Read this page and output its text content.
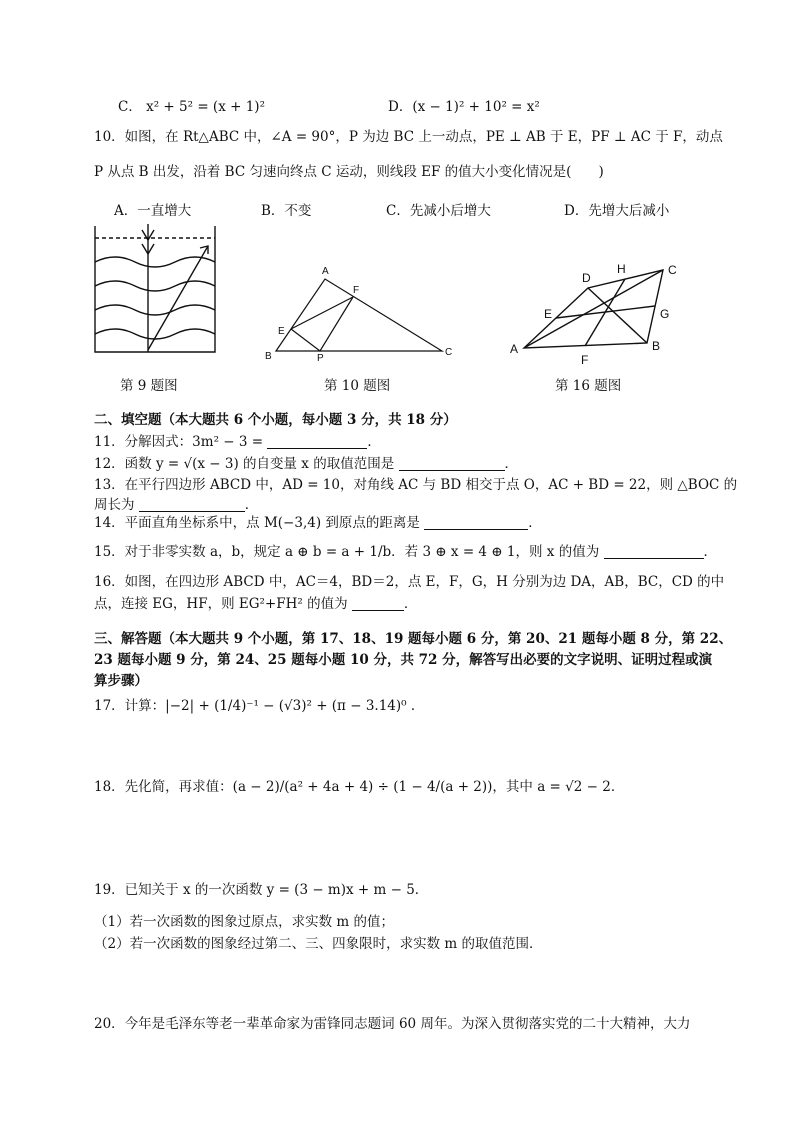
C． x² + 5² = (x + 1)²	D．(x − 1)² + 10² = x²
10．如图，在 Rt△ABC 中，∠A = 90°，P 为边 BC 上一动点，PE ⊥ AB 于 E，PF ⊥ AC 于 F，动点
P 从点 B 出发，沿着 BC 匀速向终点 C 运动，则线段 EF 的值大小变化情况是(　　)
A．一直增大	B．不变	C．先减小后增大	D．先增大后减小
第 9 题图
A
F
E
B	P
C
第 10 题图
D
H	C
E	G
A
F
B
第 16 题图
二、填空题（本大题共 6 个小题，每小题 3 分，共 18 分）
11．分解因式：3m² − 3 =	．
12．函数 y = √(x − 3) 的自变量 x 的取值范围是	．
13．在平行四边形 ABCD 中，AD = 10，对角线 AC 与 BD 相交于点 O，AC + BD = 22，则 △BOC 的
周长为	．
14．平面直角坐标系中，点 M(−3,4) 到原点的距离是	．
15．对于非零实数 a，b，规定 a ⊕ b = a + 1/b．若 3 ⊕ x = 4 ⊕ 1，则 x 的值为	．
16．如图，在四边形 ABCD 中，AC＝4，BD＝2，点 E，F，G，H 分别为边 DA，AB，BC，CD 的中
点，连接 EG，HF，则 EG²+FH² 的值为	．
三、解答题（本大题共 9 个小题，第 17、18、19 题每小题 6 分，第 20、21 题每小题 8 分，第 22、
23 题每小题 9 分，第 24、25 题每小题 10 分，共 72 分，解答写出必要的文字说明、证明过程或演
算步骤）
17．计算：|−2| + (1/4)⁻¹ − (√3)² + (π − 3.14)⁰ ．
18．先化简，再求值：(a − 2)/(a² + 4a + 4) ÷ (1 − 4/(a + 2))，其中 a = √2 − 2．
19．已知关于 x 的一次函数 y = (3 − m)x + m − 5．
（1）若一次函数的图象过原点，求实数 m 的值；
（2）若一次函数的图象经过第二、三、四象限时，求实数 m 的取值范围．
20．今年是毛泽东等老一辈革命家为雷锋同志题词 60 周年。为深入贯彻落实党的二十大精神，大力
